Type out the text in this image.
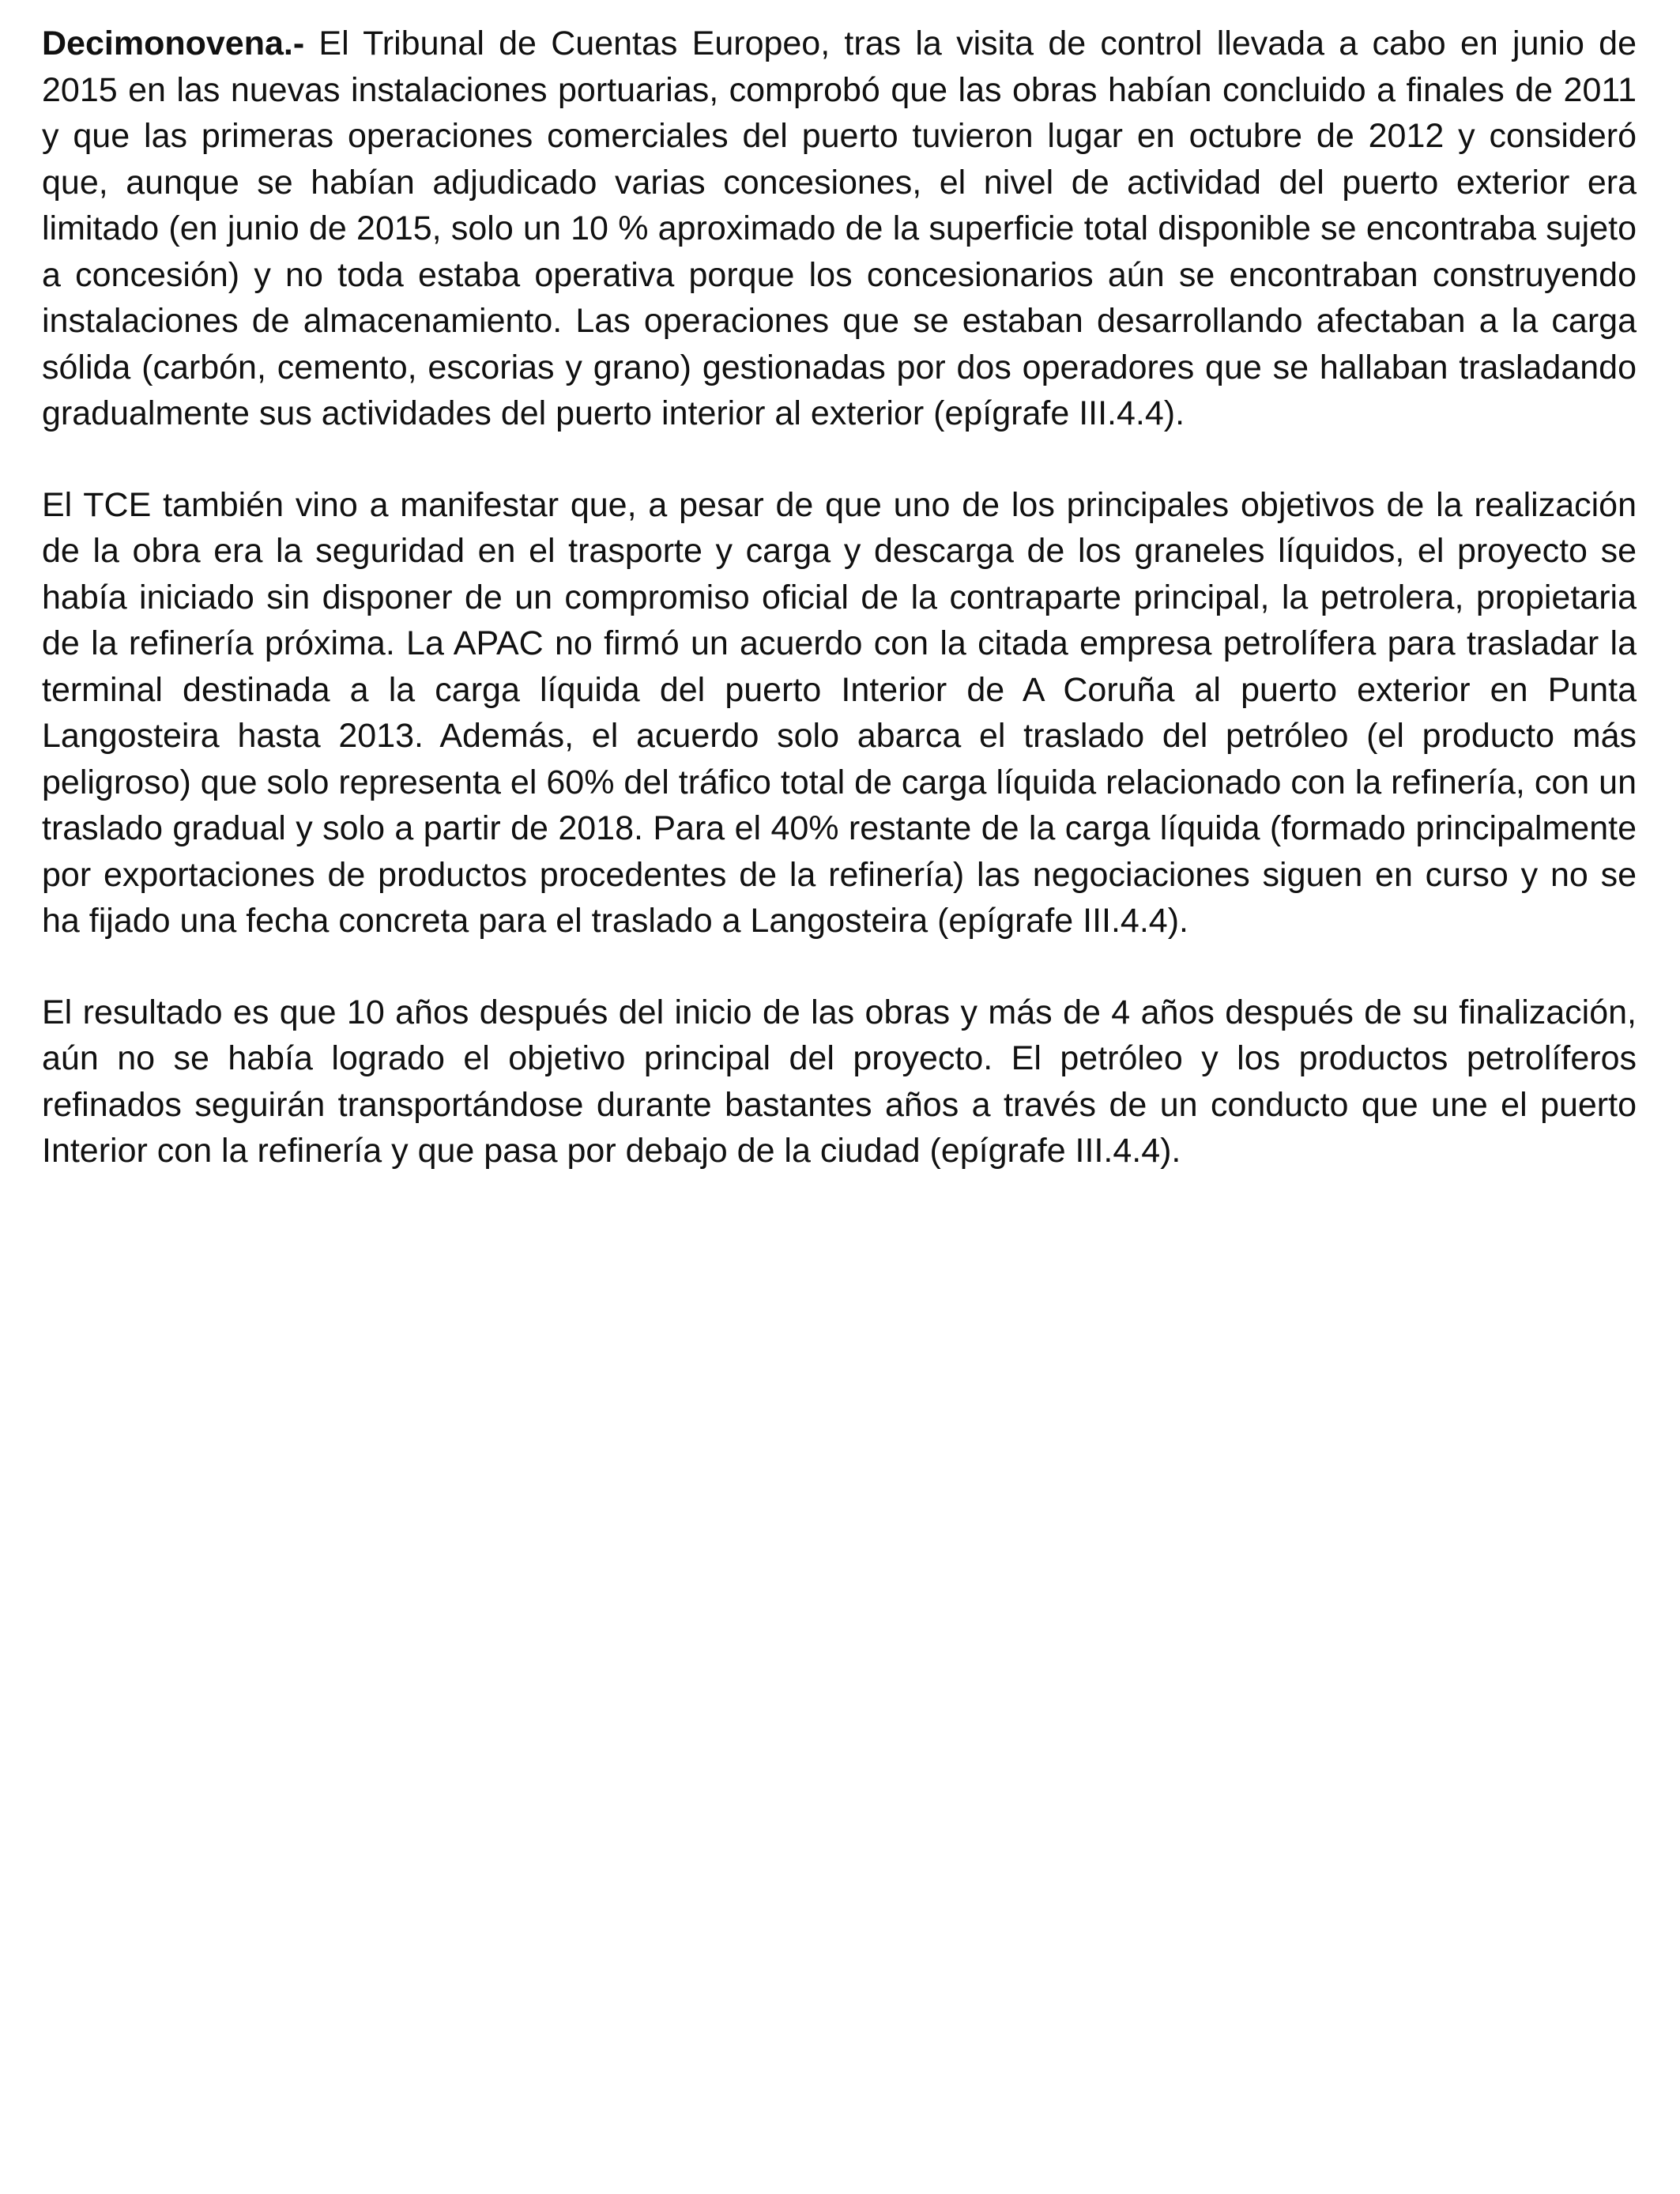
Decimonovena.- El Tribunal de Cuentas Europeo, tras la visita de control llevada a cabo en junio de 2015 en las nuevas instalaciones portuarias, comprobó que las obras habían concluido a finales de 2011 y que las primeras operaciones comerciales del puerto tuvieron lugar en octubre de 2012 y consideró que, aunque se habían adjudicado varias concesiones, el nivel de actividad del puerto exterior era limitado (en junio de 2015, solo un 10 % aproximado de la superficie total disponible se encontraba sujeto a concesión) y no toda estaba operativa porque los concesionarios aún se encontraban construyendo instalaciones de almacenamiento. Las operaciones que se estaban desarrollando afectaban a la carga sólida (carbón, cemento, escorias y grano) gestionadas por dos operadores que se hallaban trasladando gradualmente sus actividades del puerto interior al exterior (epígrafe III.4.4).

El TCE también vino a manifestar que, a pesar de que uno de los principales objetivos de la realización de la obra era la seguridad en el trasporte y carga y descarga de los graneles líquidos, el proyecto se había iniciado sin disponer de un compromiso oficial de la contraparte principal, la petrolera, propietaria de la refinería próxima. La APAC no firmó un acuerdo con la citada empresa petrolífera para trasladar la terminal destinada a la carga líquida del puerto Interior de A Coruña al puerto exterior en Punta Langosteira hasta 2013. Además, el acuerdo solo abarca el traslado del petróleo (el producto más peligroso) que solo representa el 60% del tráfico total de carga líquida relacionado con la refinería, con un traslado gradual y solo a partir de 2018. Para el 40% restante de la carga líquida (formado principalmente por exportaciones de productos procedentes de la refinería) las negociaciones siguen en curso y no se ha fijado una fecha concreta para el traslado a Langosteira (epígrafe III.4.4).

El resultado es que 10 años después del inicio de las obras y más de 4 años después de su finalización, aún no se había logrado el objetivo principal del proyecto. El petróleo y los productos petrolíferos refinados seguirán transportándose durante bastantes años a través de un conducto que une el puerto Interior con la refinería y que pasa por debajo de la ciudad (epígrafe III.4.4).
